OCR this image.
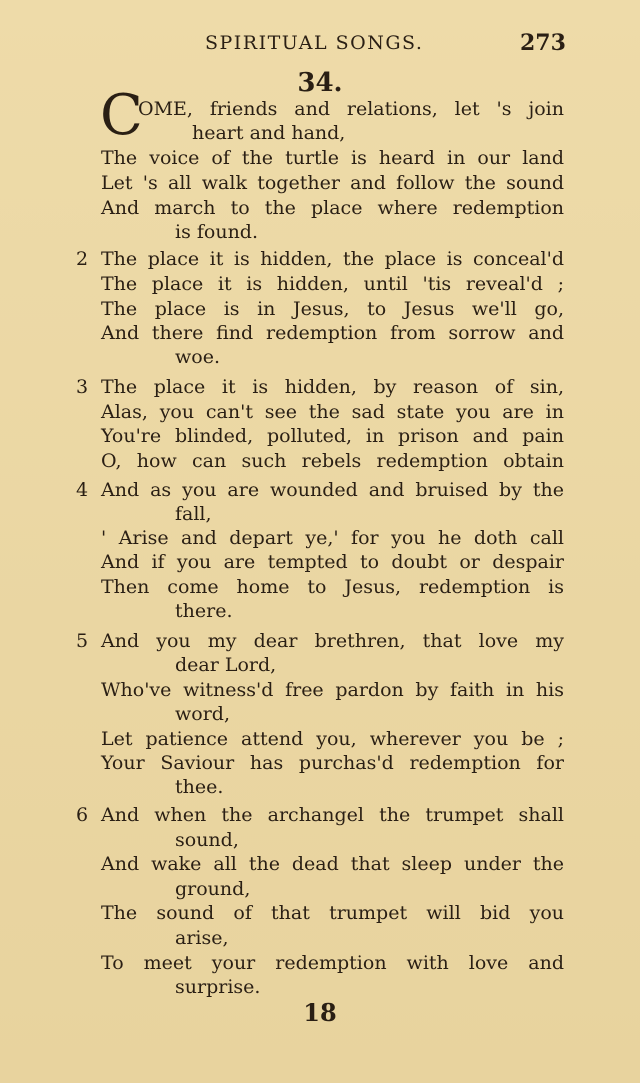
SPIRITUAL SONGS.	273
34.
C
OME, friends and relations, let 's join
heart and hand,
The voice of the turtle is heard in our land
Let 's all walk together and follow the sound
And march to the place where redemption
is found.
2 The place it is hidden, the place is conceal'd
The place it is hidden, until 'tis reveal'd ;
The place is in Jesus, to Jesus we'll go,
And there find redemption from sorrow and
woe.
3 The place it is hidden, by reason of sin,
Alas, you can't see the sad state you are in
You're blinded, polluted, in prison and pain
O, how can such rebels redemption obtain
4 And as you are wounded and bruised by the
fall,
' Arise and depart ye,' for you he doth call
And if you are tempted to doubt or despair
Then come home to Jesus, redemption is
there.
5 And you my dear brethren, that love my
dear Lord,
Who've witness'd free pardon by faith in his
word,
Let patience attend you, wherever you be ;
Your Saviour has purchas'd redemption for
thee.
6 And when the archangel the trumpet shall
sound,
And wake all the dead that sleep under the
ground,
The sound of that trumpet will bid you
arise,
To meet your redemption with love and
surprise.
18
